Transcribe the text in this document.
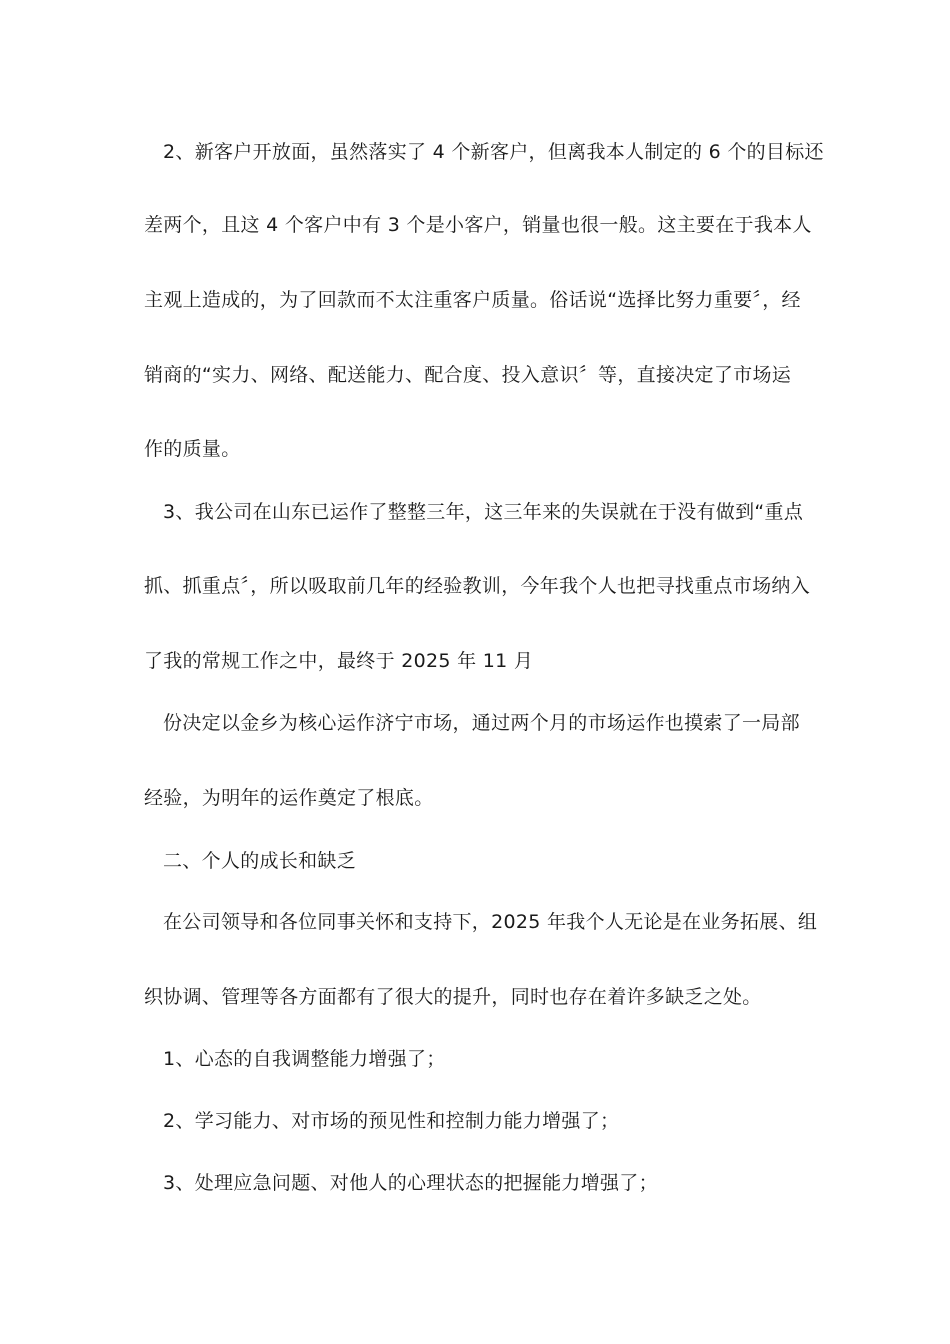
2、新客户开放面，虽然落实了 4 个新客户，但离我本人制定的 6 个的目标还
差两个，且这 4 个客户中有 3 个是小客户，销量也很一般。这主要在于我本人
主观上造成的，为了回款而不太注重客户质量。俗话说“选择比努力重要〞，经
销商的“实力、网络、配送能力、配合度、投入意识〞等，直接决定了市场运
作的质量。
3、我公司在山东已运作了整整三年，这三年来的失误就在于没有做到“重点
抓、抓重点〞，所以吸取前几年的经验教训，今年我个人也把寻找重点市场纳入
了我的常规工作之中，最终于 2025 年 11 月
份决定以金乡为核心运作济宁市场，通过两个月的市场运作也摸索了一局部
经验，为明年的运作奠定了根底。
二、个人的成长和缺乏
在公司领导和各位同事关怀和支持下，2025 年我个人无论是在业务拓展、组
织协调、管理等各方面都有了很大的提升，同时也存在着许多缺乏之处。
1、心态的自我调整能力增强了；
2、学习能力、对市场的预见性和控制力能力增强了；
3、处理应急问题、对他人的心理状态的把握能力增强了；
